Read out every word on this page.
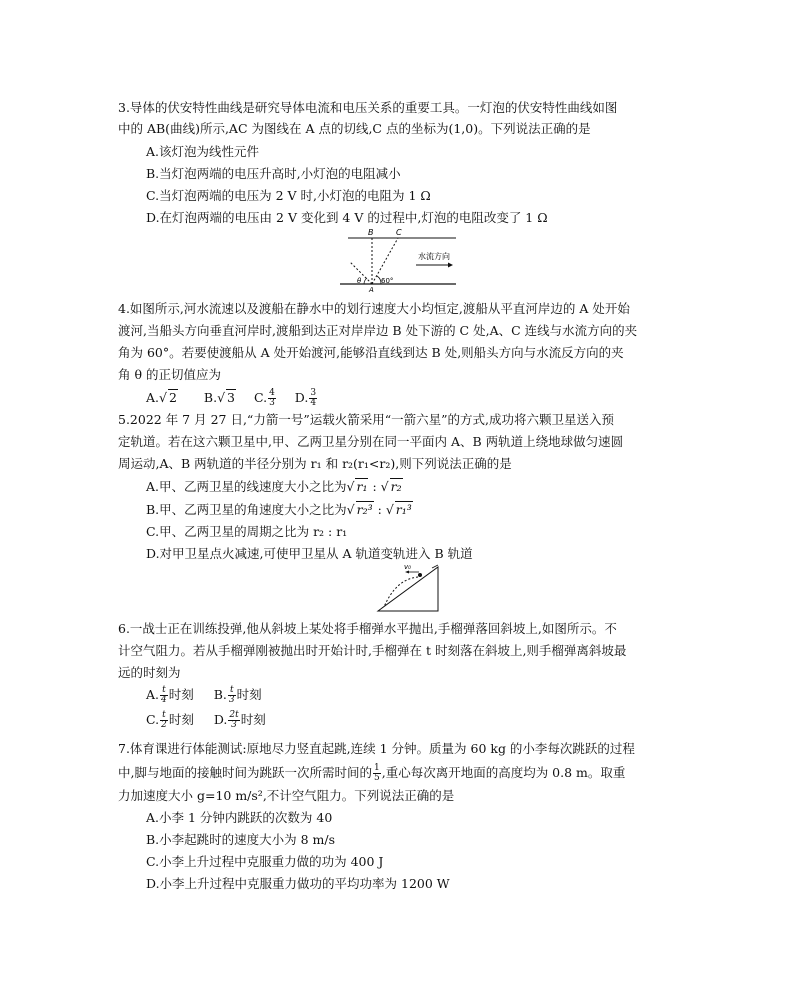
3.导体的伏安特性曲线是研究导体电流和电压关系的重要工具。一灯泡的伏安特性曲线如图
中的 AB(曲线)所示,AC 为图线在 A 点的切线,C 点的坐标为(1,0)。下列说法正确的是
A.该灯泡为线性元件
B.当灯泡两端的电压升高时,小灯泡的电阻减小
C.当灯泡两端的电压为 2 V 时,小灯泡的电阻为 1 Ω
D.在灯泡两端的电压由 2 V 变化到 4 V 的过程中,灯泡的电阻改变了 1 Ω
B	C
A
θ	60°
水流方向
4.如图所示,河水流速以及渡船在静水中的划行速度大小均恒定,渡船从平直河岸边的 A 处开始
渡河,当船头方向垂直河岸时,渡船到达正对岸岸边 B 处下游的 C 处,A、C 连线与水流方向的夹
角为 60°。若要使渡船从 A 处开始渡河,能够沿直线到达 B 处,则船头方向与水流反方向的夹
角 θ 的正切值应为
A.√ 2 B.√ 3 C. $\frac{4}{3} D$. $\frac{3}{4}$
5.2022 年 7 月 27 日,“力箭一号”运载火箭采用“一箭六星”的方式,成功将六颗卫星送入预
定轨道。若在这六颗卫星中,甲、乙两卫星分别在同一平面内 A、B 两轨道上绕地球做匀速圆
周运动,A、B 两轨道的半径分别为 r₁ 和 r₂(r₁<r₂),则下列说法正确的是
A.甲、乙两卫星的线速度大小之比为√ r₁ : √ r₂
B.甲、乙两卫星的角速度大小之比为√ r₂³ : √ r₁³
C.甲、乙两卫星的周期之比为 r₂ : r₁
D.对甲卫星点火减速,可使甲卫星从 A 轨道变轨进入 B 轨道
v₀
6.一战士正在训练投弹,他从斜坡上某处将手榴弹水平抛出,手榴弹落回斜坡上,如图所示。不
计空气阻力。若从手榴弹刚被抛出时开始计时,手榴弹在 t 时刻落在斜坡上,则手榴弹离斜坡最
远的时刻为
A. $\frac{t}{4}$ 时刻 B. $\frac{t}{3}$ 时刻
C. $\frac{t}{2}$ 时刻 D. $\frac{2t}{3}$ 时刻
7.体育课进行体能测试:原地尽力竖直起跳,连续 1 分钟。质量为 60 kg 的小李每次跳跃的过程
中,脚与地面的接触时间为跳跃一次所需时间的 $\frac{1}{5}$ ,重心每次离开地面的高度均为 0.8 m。取重
力加速度大小 g=10 m/s²,不计空气阻力。下列说法正确的是
A.小李 1 分钟内跳跃的次数为 40
B.小李起跳时的速度大小为 8 m/s
C.小李上升过程中克服重力做的功为 400 J
D.小李上升过程中克服重力做功的平均功率为 1200 W
